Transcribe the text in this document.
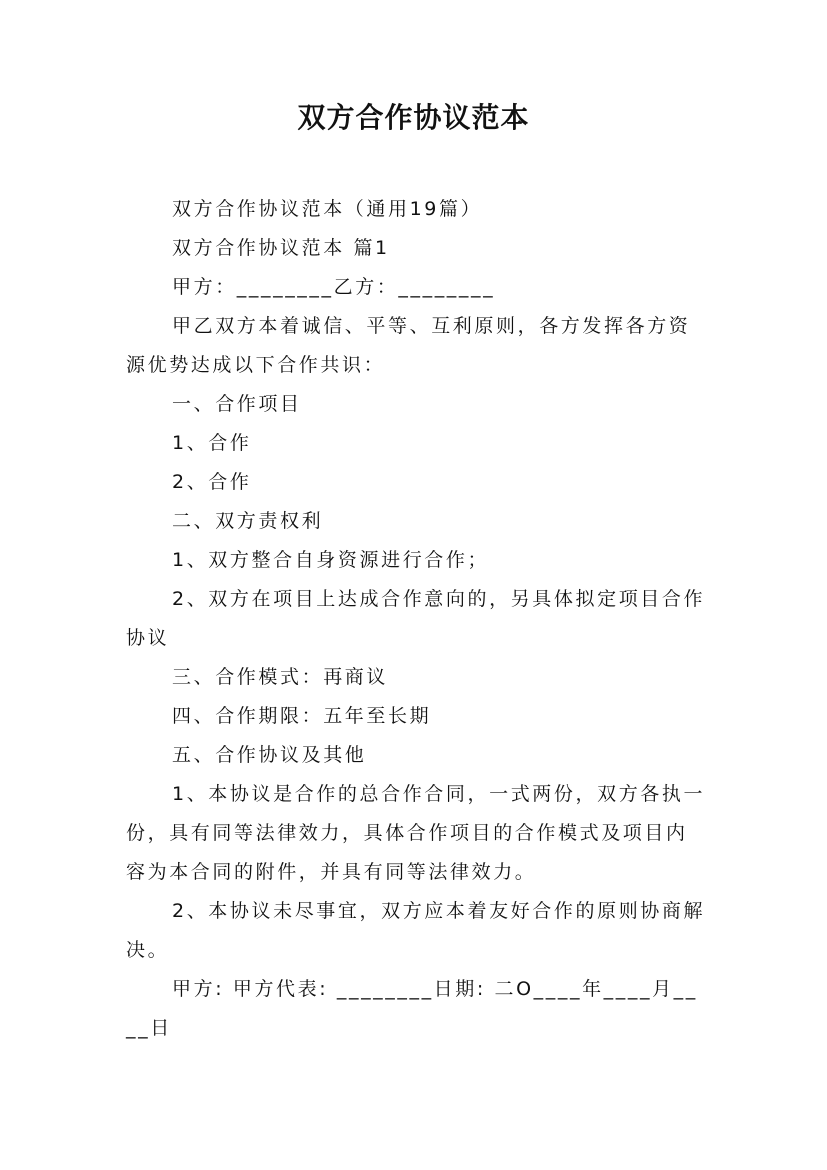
双方合作协议范本

双方合作协议范本（通用19篇）

双方合作协议范本 篇1

甲方：________乙方：________

甲乙双方本着诚信、平等、互利原则，各方发挥各方资源优势达成以下合作共识：

一、合作项目

1、合作

2、合作

二、双方责权利

1、双方整合自身资源进行合作；

2、双方在项目上达成合作意向的，另具体拟定项目合作协议

三、合作模式：再商议

四、合作期限：五年至长期

五、合作协议及其他

1、本协议是合作的总合作合同，一式两份，双方各执一份，具有同等法律效力，具体合作项目的合作模式及项目内容为本合同的附件，并具有同等法律效力。

2、本协议未尽事宜，双方应本着友好合作的原则协商解决。

甲方: 甲方代表: ________日期: 二O____年____月____日
